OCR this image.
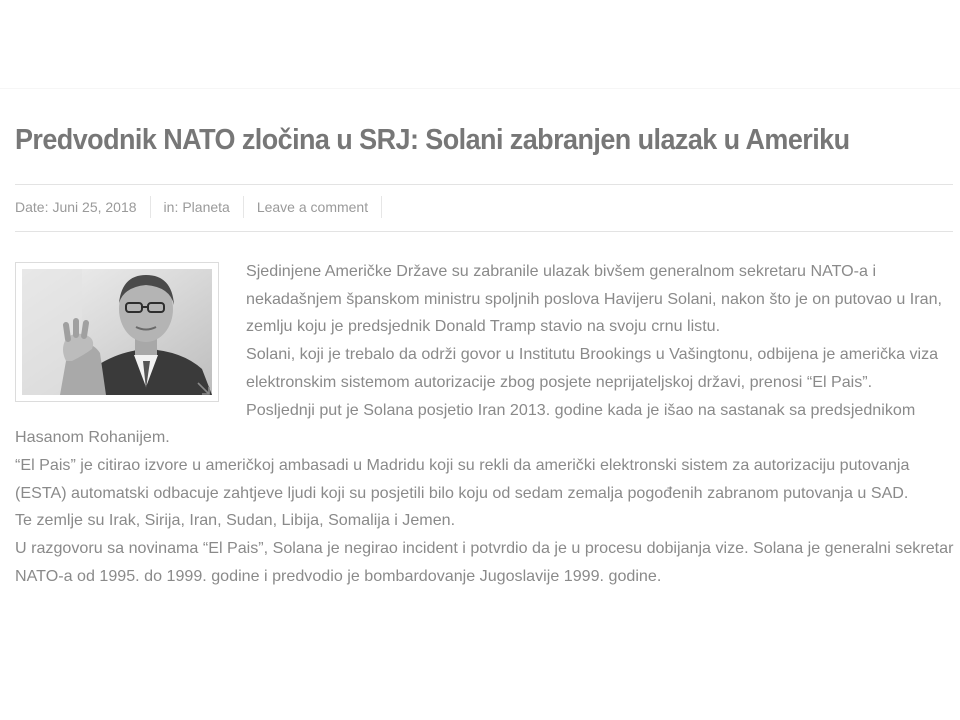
Predvodnik NATO zločina u SRJ: Solani zabranjen ulazak u Ameriku
Date: Juni 25, 2018 in: Planeta Leave a comment
Sjedinjene Američke Države su zabranile ulazak bivšem generalnom sekretaru NATO-a i nekadašnjem španskom ministru spoljnih poslova Havijeru Solani, nakon što je on putovao u Iran, zemlju koju je predsjednik Donald Tramp stavio na svoju crnu listu.
Solani, koji je trebalo da održi govor u Institutu Brookings u Vašingtonu, odbijena je američka viza elektronskim sistemom autorizacije zbog posjete neprijateljskoj državi, prenosi “El Pais”.
Posljednji put je Solana posjetio Iran 2013. godine kada je išao na sastanak sa predsjednikom Hasanom Rohanijem.
“El Pais” je citirao izvore u američkoj ambasadi u Madridu koji su rekli da američki elektronski sistem za autorizaciju putovanja (ESTA) automatski odbacuje zahtjeve ljudi koji su posjetili bilo koju od sedam zemalja pogođenih zabranom putovanja u SAD.
Te zemlje su Irak, Sirija, Iran, Sudan, Libija, Somalija i Jemen.
U razgovoru sa novinama “El Pais”, Solana je negirao incident i potvrdio da je u procesu dobijanja vize. Solana je generalni sekretar NATO-a od 1995. do 1999. godine i predvodio je bombardovanje Jugoslavije 1999. godine.
